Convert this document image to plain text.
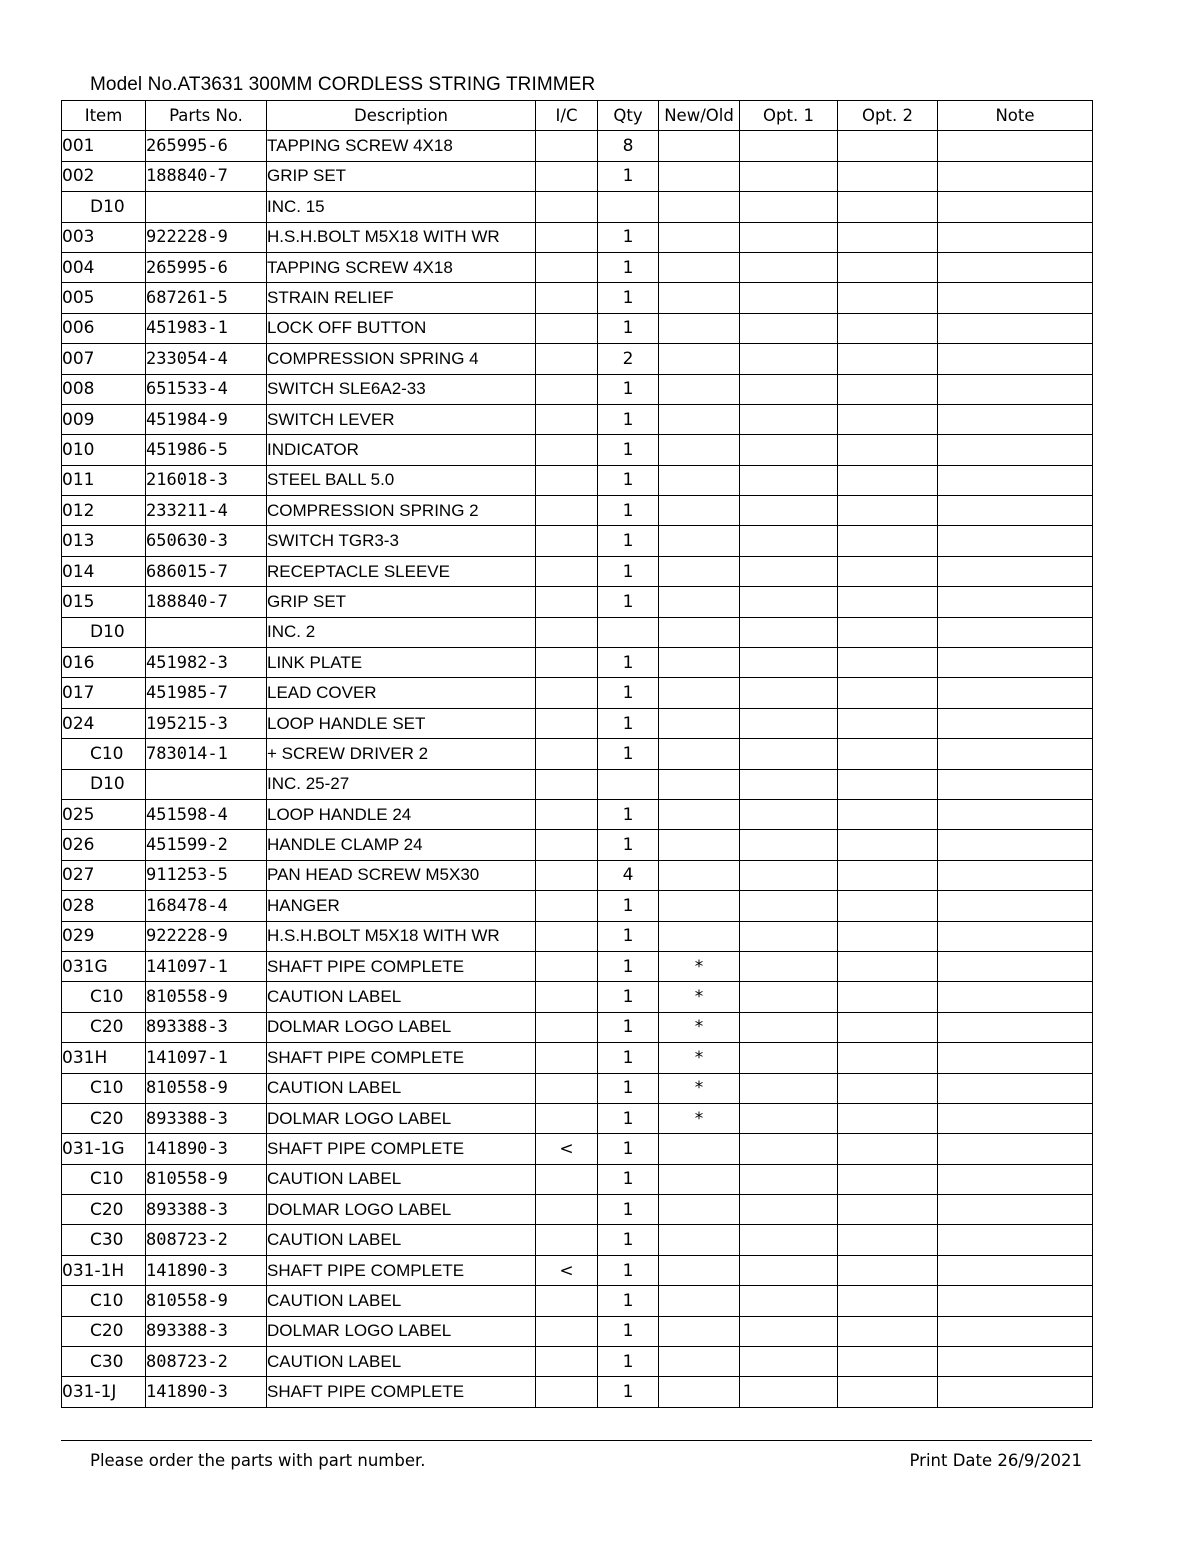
Model No.AT3631 300MM CORDLESS STRING TRIMMER
Item	Parts No.	Description	I/C	Qty	New/Old	Opt. 1	Opt. 2	Note
001	265995-6	TAPPING SCREW 4X18		8				
002	188840-7	GRIP SET		1				
D10		INC. 15						
003	922228-9	H.S.H.BOLT M5X18 WITH WR		1				
004	265995-6	TAPPING SCREW 4X18		1				
005	687261-5	STRAIN RELIEF		1				
006	451983-1	LOCK OFF BUTTON		1				
007	233054-4	COMPRESSION SPRING 4		2				
008	651533-4	SWITCH SLE6A2-33		1				
009	451984-9	SWITCH LEVER		1				
010	451986-5	INDICATOR		1				
011	216018-3	STEEL BALL 5.0		1				
012	233211-4	COMPRESSION SPRING 2		1				
013	650630-3	SWITCH TGR3-3		1				
014	686015-7	RECEPTACLE SLEEVE		1				
015	188840-7	GRIP SET		1				
D10		INC. 2						
016	451982-3	LINK PLATE		1				
017	451985-7	LEAD COVER		1				
024	195215-3	LOOP HANDLE SET		1				
C10	783014-1	+ SCREW DRIVER 2		1				
D10		INC. 25-27						
025	451598-4	LOOP HANDLE 24		1				
026	451599-2	HANDLE CLAMP 24		1				
027	911253-5	PAN HEAD SCREW M5X30		4				
028	168478-4	HANGER		1				
029	922228-9	H.S.H.BOLT M5X18 WITH WR		1				
031G	141097-1	SHAFT PIPE COMPLETE		1	*			
C10	810558-9	CAUTION LABEL		1	*			
C20	893388-3	DOLMAR LOGO LABEL		1	*			
031H	141097-1	SHAFT PIPE COMPLETE		1	*			
C10	810558-9	CAUTION LABEL		1	*			
C20	893388-3	DOLMAR LOGO LABEL		1	*			
031-1G	141890-3	SHAFT PIPE COMPLETE	<	1				
C10	810558-9	CAUTION LABEL		1				
C20	893388-3	DOLMAR LOGO LABEL		1				
C30	808723-2	CAUTION LABEL		1				
031-1H	141890-3	SHAFT PIPE COMPLETE	<	1				
C10	810558-9	CAUTION LABEL		1				
C20	893388-3	DOLMAR LOGO LABEL		1				
C30	808723-2	CAUTION LABEL		1				
031-1J	141890-3	SHAFT PIPE COMPLETE		1				
Please order the parts with part number.	Print Date 26/9/2021
